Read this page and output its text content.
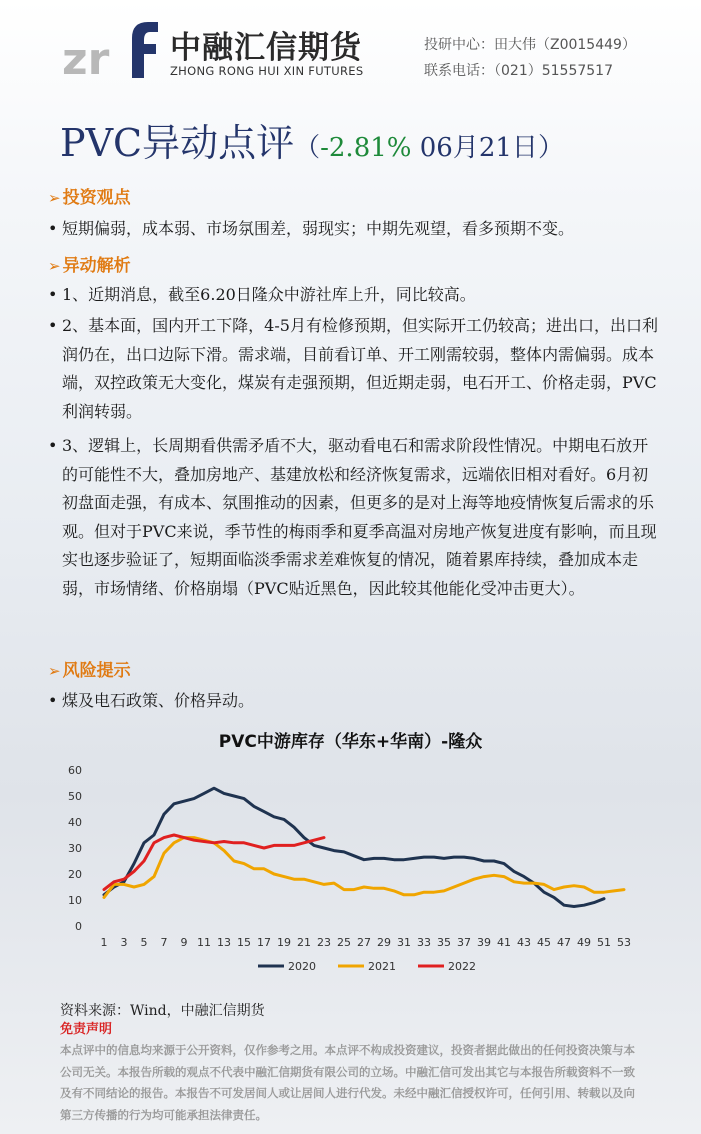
zr 中融汇信期货
ZHONG RONG HUI XIN FUTURES
投研中心：田大伟（Z0015449）
联系电话：（021）51557517
PVC异动点评（-2.81% 06月21日）
➢ 投资观点
• 短期偏弱，成本弱、市场氛围差，弱现实；中期先观望，看多预期不变。
➢ 异动解析
• 1、近期消息，截至6.20日隆众中游社库上升，同比较高。
• 2、基本面，国内开工下降，4-5月有检修预期，但实际开工仍较高；进出口，出口利润仍在，出口边际下滑。需求端，目前看订单、开工刚需较弱，整体内需偏弱。成本端，双控政策无大变化，煤炭有走强预期，但近期走弱，电石开工、价格走弱，PVC利润转弱。
• 3、逻辑上，长周期看供需矛盾不大，驱动看电石和需求阶段性情况。中期电石放开的可能性不大，叠加房地产、基建放松和经济恢复需求，远端依旧相对看好。6月初初盘面走强，有成本、氛围推动的因素，但更多的是对上海等地疫情恢复后需求的乐观。但对于PVC来说，季节性的梅雨季和夏季高温对房地产恢复进度有影响，而且现实也逐步验证了，短期面临淡季需求差难恢复的情况，随着累库持续，叠加成本走弱，市场情绪、价格崩塌（PVC贴近黑色，因此较其他能化受冲击更大）。
➢ 风险提示
• 煤及电石政策、价格异动。
PVC中游库存（华东+华南）-隆众
0
10
20
30
40
50
60
1 3 5 7 9 11 13 15 17 19 21 23 25 27 29 31 33 35 37 39 41 43 45 47 49 51 53
2020	2021	2022
资料来源：Wind，中融汇信期货
免责声明
本点评中的信息均来源于公开资料，仅作参考之用。本点评不构成投资建议，投资者据此做出的任何投资决策与本公司无关。本报告所载的观点不代表中融汇信期货有限公司的立场。中融汇信可发出其它与本报告所载资料不一致及有不同结论的报告。本报告不可发居间人或让居间人进行代发。未经中融汇信授权许可，任何引用、转载以及向第三方传播的行为均可能承担法律责任。
